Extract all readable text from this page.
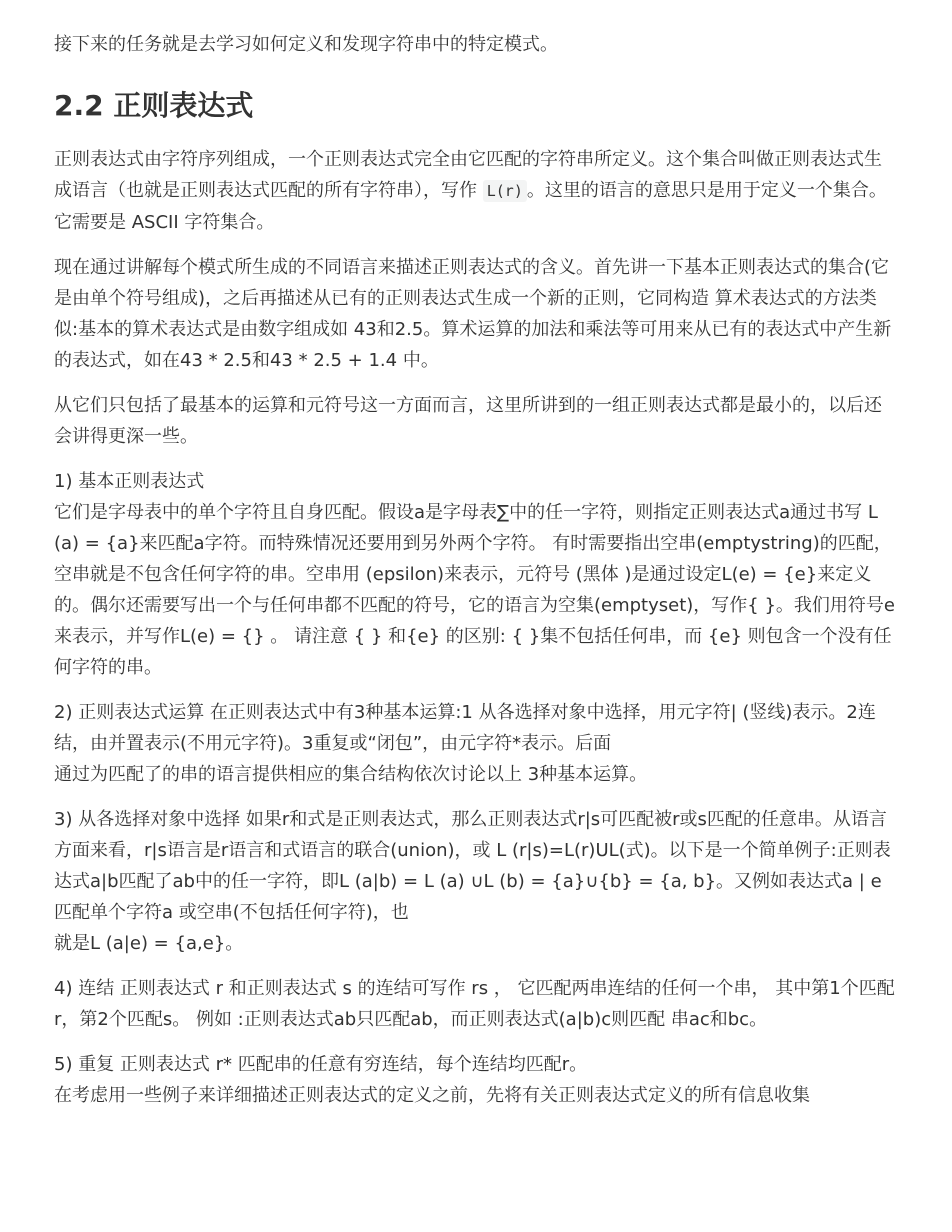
接下来的任务就是去学习如何定义和发现字符串中的特定模式。

2.2 正则表达式

正则表达式由字符序列组成，一个正则表达式完全由它匹配的字符串所定义。这个集合叫做正则表达式生成语言（也就是正则表达式匹配的所有字符串），写作 L(r) 。这里的语言的意思只是用于定义一个集合。它需要是 ASCII 字符集合。

现在通过讲解每个模式所生成的不同语言来描述正则表达式的含义。首先讲一下基本正则表达式的集合(它是由单个符号组成)，之后再描述从已有的正则表达式生成一个新的正则，它同构造 算术表达式的方法类似:基本的算术表达式是由数字组成如 43和2.5。算术运算的加法和乘法等可用来从已有的表达式中产生新的表达式，如在43 * 2.5和43 * 2.5 + 1.4 中。

从它们只包括了最基本的运算和元符号这一方面而言，这里所讲到的一组正则表达式都是最小的，以后还会讲得更深一些。

1) 基本正则表达式

它们是字母表中的单个字符且自身匹配。假设a是字母表∑中的任一字符，则指定正则表达式a通过书写 L(a) = {a}来匹配a字符。而特殊情况还要用到另外两个字符。 有时需要指出空串(emptystring)的匹配，空串就是不包含任何字符的串。空串用 (epsilon)来表示，元符号 (黑体 )是通过设定L(e) = {e}来定义的。偶尔还需要写出一个与任何串都不匹配的符号，它的语言为空集(emptyset)，写作{ }。我们用符号e来表示，并写作L(e) = {} 。 请注意 { } 和{e} 的区别: { }集不包括任何串，而 {e} 则包含一个没有任何字符的串。

2) 正则表达式运算 在正则表达式中有3种基本运算:1 从各选择对象中选择，用元字符| (竖线)表示。2连结，由并置表示(不用元字符)。3重复或“闭包”，由元字符*表示。后面

通过为匹配了的串的语言提供相应的集合结构依次讨论以上 3种基本运算。

3) 从各选择对象中选择 如果r和式是正则表达式，那么正则表达式r|s可匹配被r或s匹配的任意串。从语言方面来看，r|s语言是r语言和式语言的联合(union)，或 L (r|s)=L(r)UL(式)。以下是一个简单例子:正则表达式a|b匹配了ab中的任一字符，即L (a|b) = L (a) ∪L (b) = {a}∪{b} = {a, b}。又例如表达式a | e匹配单个字符a 或空串(不包括任何字符)，也

就是L (a|e) = {a,e}。

4) 连结 正则表达式 r 和正则表达式 s 的连结可写作 rs ， 它匹配两串连结的任何一个串， 其中第1个匹配r，第2个匹配s。 例如 :正则表达式ab只匹配ab，而正则表达式(a|b)c则匹配 串ac和bc。

5) 重复 正则表达式 r* 匹配串的任意有穷连结，每个连结均匹配r。

在考虑用一些例子来详细描述正则表达式的定义之前，先将有关正则表达式定义的所有信息收集
